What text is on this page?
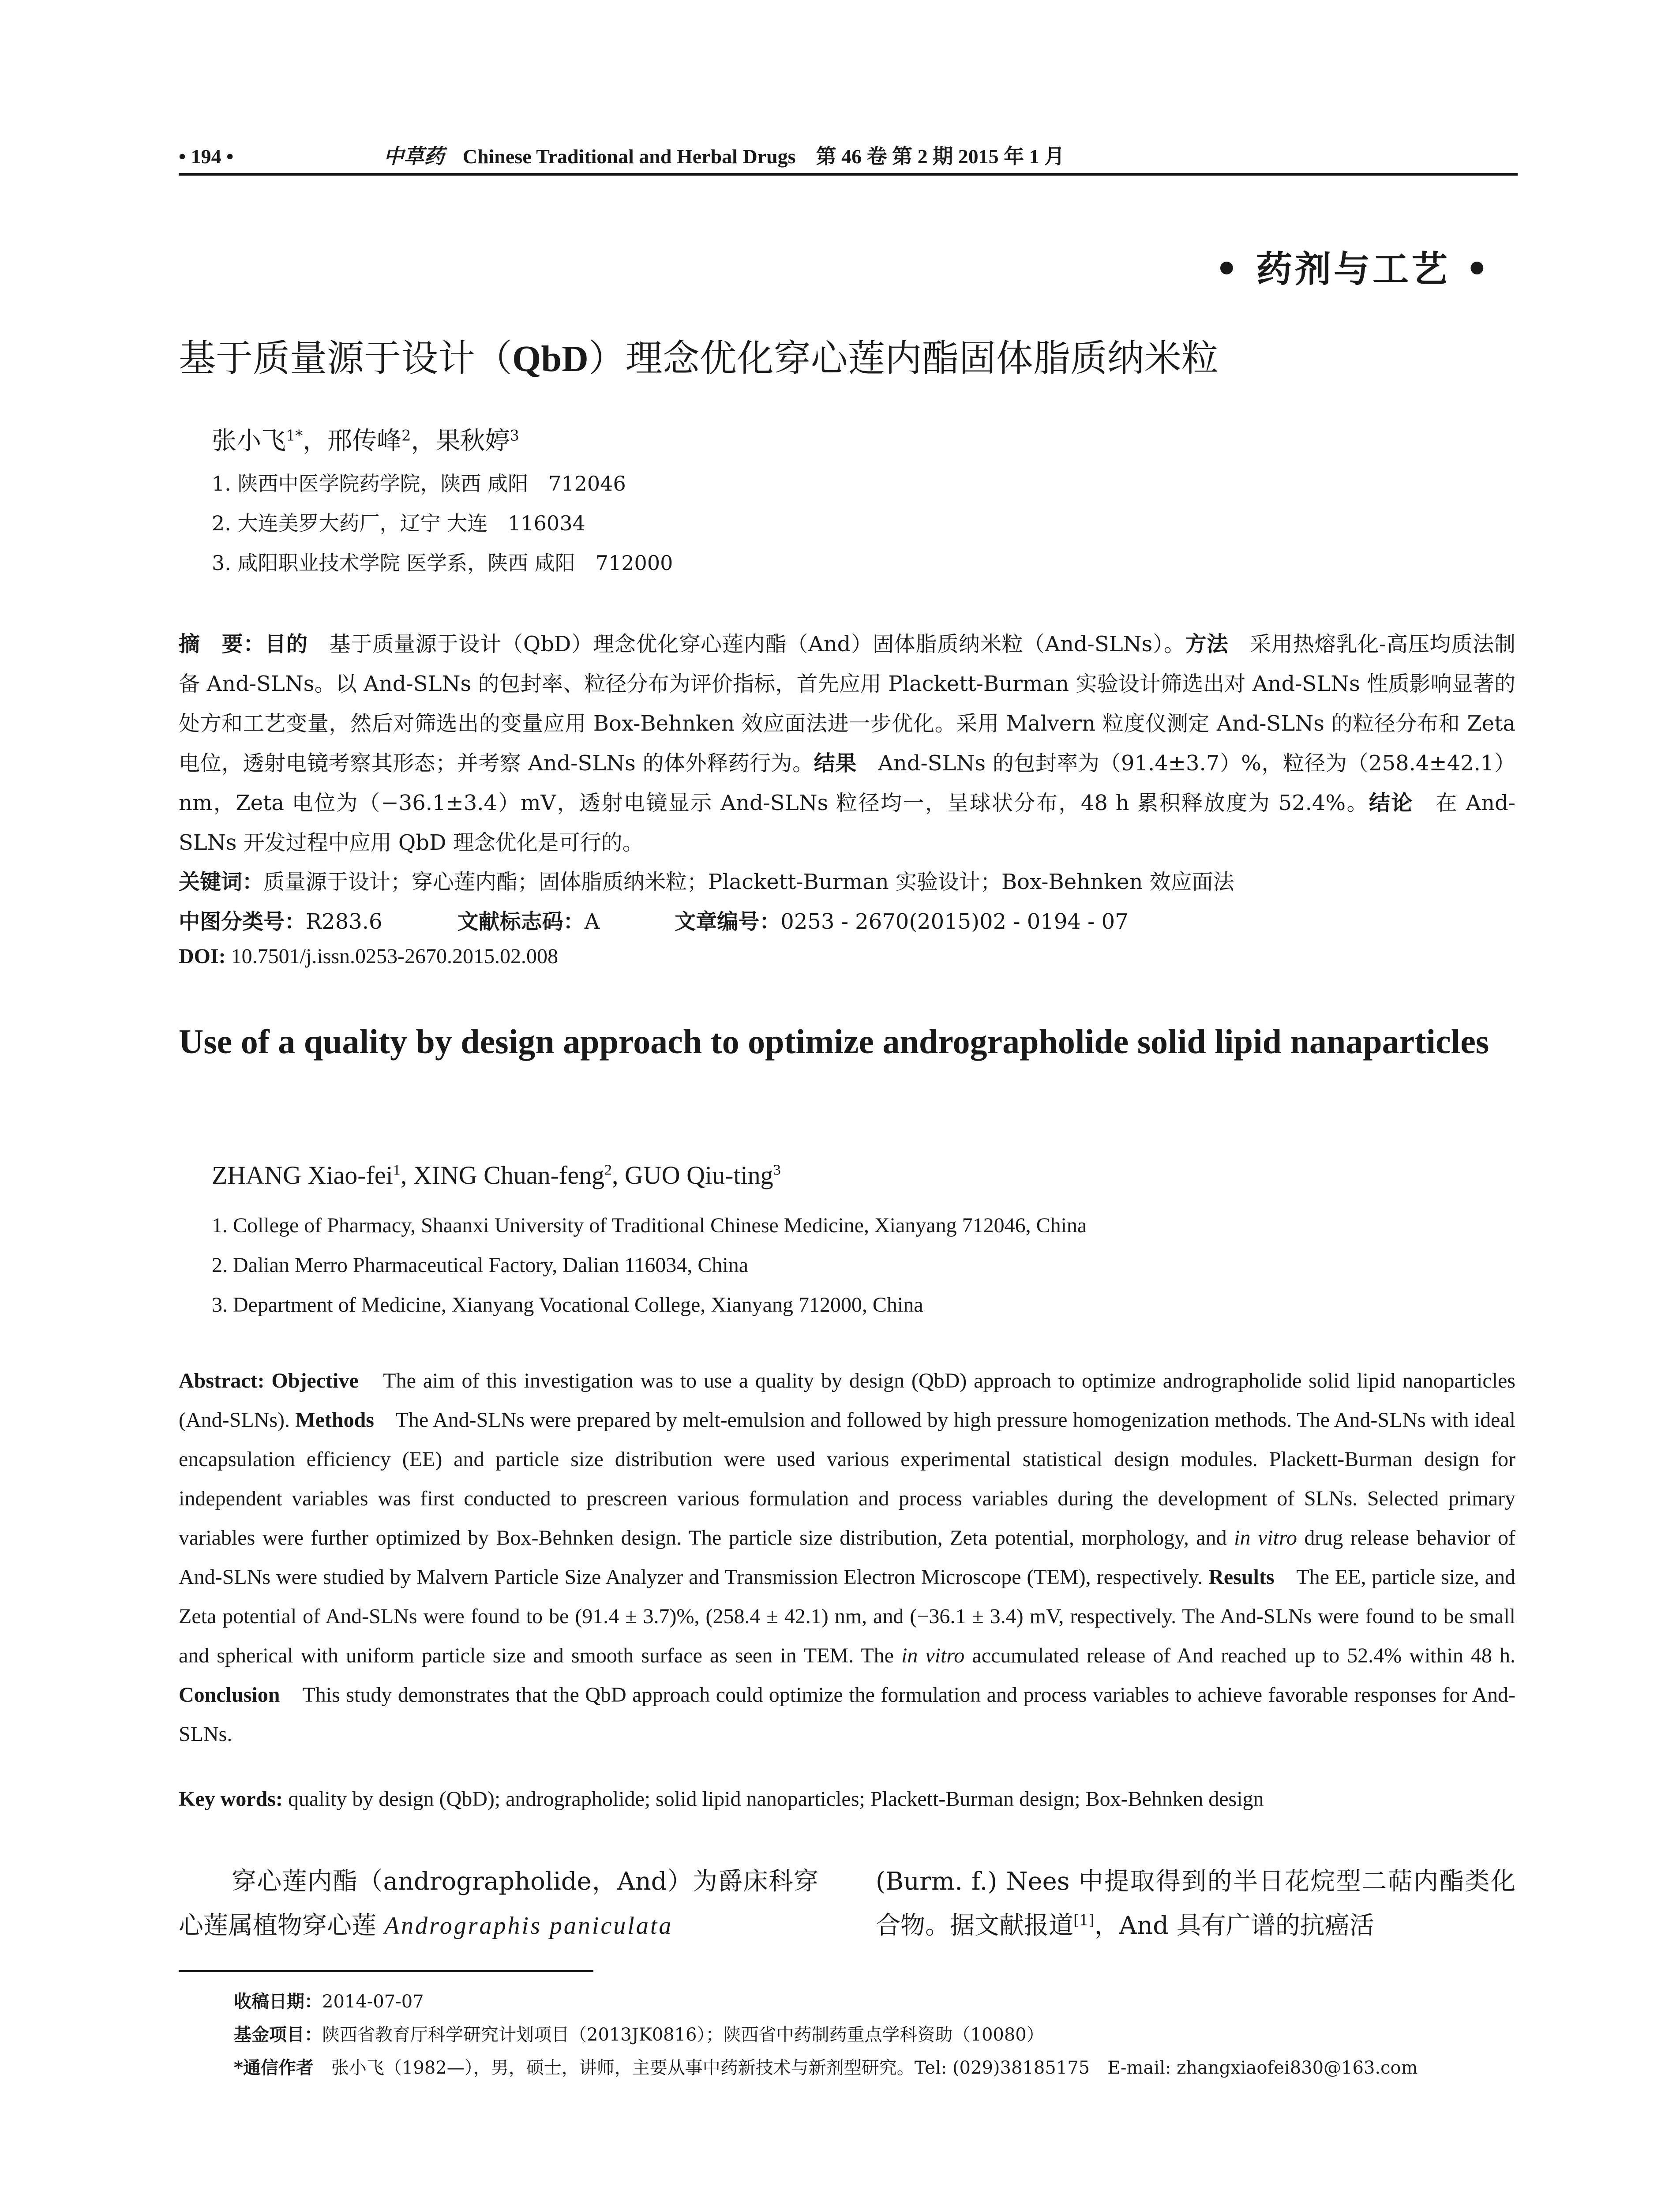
• 194 •	中草药 Chinese Traditional and Herbal Drugs 第 46 卷 第 2 期 2015 年 1 月
• 药剂与工艺 •
基于质量源于设计（QbD）理念优化穿心莲内酯固体脂质纳米粒
张小飞$^{1*}$，邢传峰$^2$，果秋婷$^3$
1. 陕西中医学院药学院，陕西 咸阳　712046
2. 大连美罗大药厂，辽宁 大连　116034
3. 咸阳职业技术学院 医学系，陕西 咸阳　712000
摘　要：目的　基于质量源于设计（QbD）理念优化穿心莲内酯（And）固体脂质纳米粒（And-SLNs）。方法　采用热熔乳化-高压均质法制备 And-SLNs。以 And-SLNs 的包封率、粒径分布为评价指标，首先应用 Plackett-Burman 实验设计筛选出对 And-SLNs 性质影响显著的处方和工艺变量，然后对筛选出的变量应用 Box-Behnken 效应面法进一步优化。采用 Malvern 粒度仪测定 And-SLNs 的粒径分布和 Zeta 电位，透射电镜考察其形态；并考察 And-SLNs 的体外释药行为。结果　And-SLNs 的包封率为（91.4±3.7）%，粒径为（258.4±42.1）nm，Zeta 电位为（−36.1±3.4）mV，透射电镜显示 And-SLNs 粒径均一，呈球状分布，48 h 累积释放度为 52.4%。结论　在 And-SLNs 开发过程中应用 QbD 理念优化是可行的。
关键词：质量源于设计；穿心莲内酯；固体脂质纳米粒；Plackett-Burman 实验设计；Box-Behnken 效应面法
中图分类号：R283.6	文献标志码：A	文章编号：0253 - 2670(2015)02 - 0194 - 07
DOI: 10.7501/j.issn.0253-2670.2015.02.008
Use of a quality by design approach to optimize andrographolide solid lipid nanaparticles
ZHANG Xiao-fei$^1$, XING Chuan-feng$^2$, GUO Qiu-ting$^3$
1. College of Pharmacy, Shaanxi University of Traditional Chinese Medicine, Xianyang 712046, China
2. Dalian Merro Pharmaceutical Factory, Dalian 116034, China
3. Department of Medicine, Xianyang Vocational College, Xianyang 712000, China
Abstract: Objective　The aim of this investigation was to use a quality by design (QbD) approach to optimize andrographolide solid lipid nanoparticles (And-SLNs). Methods　The And-SLNs were prepared by melt-emulsion and followed by high pressure homogenization methods. The And-SLNs with ideal encapsulation efficiency (EE) and particle size distribution were used various experimental statistical design modules. Plackett-Burman design for independent variables was first conducted to prescreen various formulation and process variables during the development of SLNs. Selected primary variables were further optimized by Box-Behnken design. The particle size distribution, Zeta potential, morphology, and in vitro drug release behavior of And-SLNs were studied by Malvern Particle Size Analyzer and Transmission Electron Microscope (TEM), respectively. Results　The EE, particle size, and Zeta potential of And-SLNs were found to be (91.4 ± 3.7)%, (258.4 ± 42.1) nm, and (−36.1 ± 3.4) mV, respectively. The And-SLNs were found to be small and spherical with uniform particle size and smooth surface as seen in TEM. The in vitro accumulated release of And reached up to 52.4% within 48 h. Conclusion　This study demonstrates that the QbD approach could optimize the formulation and process variables to achieve favorable responses for And-SLNs.
Key words: quality by design (QbD); andrographolide; solid lipid nanoparticles; Plackett-Burman design; Box-Behnken design
穿心莲内酯（andrographolide，And）为爵床科穿心莲属植物穿心莲 Andrographis paniculata
(Burm. f.) Nees 中提取得到的半日花烷型二萜内酯类化合物。据文献报道[1]，And 具有广谱的抗癌活
收稿日期：2014-07-07
基金项目：陕西省教育厅科学研究计划项目（2013JK0816）；陕西省中药制药重点学科资助（10080）
*通信作者　张小飞（1982—），男，硕士，讲师，主要从事中药新技术与新剂型研究。Tel: (029)38185175　E-mail: zhangxiaofei830@163.com
